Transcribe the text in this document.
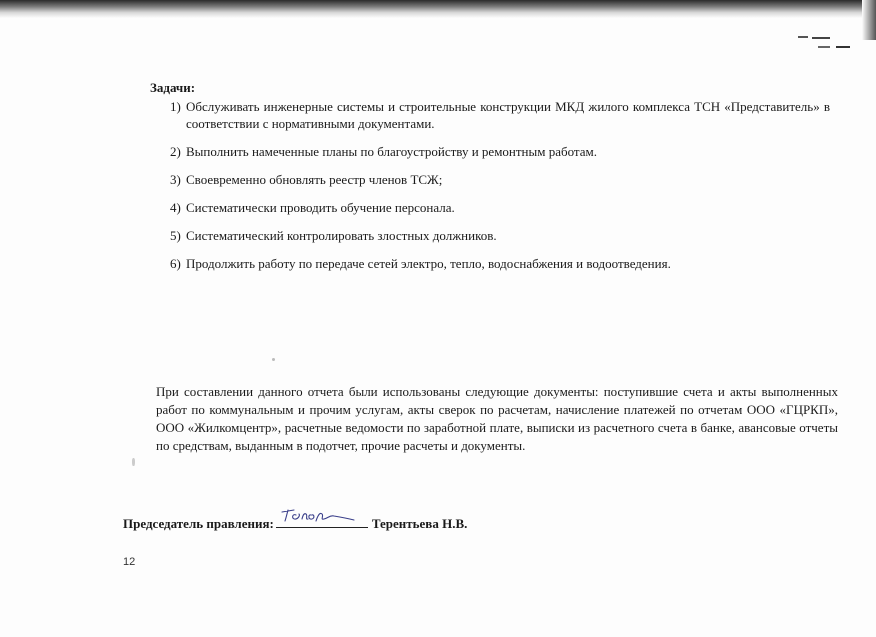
Задачи:
1) Обслуживать инженерные системы и строительные конструкции МКД жилого комплекса ТСН «Представитель» в соответствии с нормативными документами.
2) Выполнить намеченные планы по благоустройству и ремонтным работам.
3) Своевременно обновлять реестр членов ТСЖ;
4) Систематически проводить обучение персонала.
5) Систематический контролировать злостных должников.
6) Продолжить работу по передаче сетей электро, тепло, водоснабжения и водоотведения.

При составлении данного отчета были использованы следующие документы: поступившие счета и акты выполненных работ по коммунальным и прочим услугам, акты сверок по расчетам, начисление платежей по отчетам ООО «ГЦРКП», ООО «Жилкомцентр», расчетные ведомости по заработной плате, выписки из расчетного счета в банке, авансовые отчеты по средствам, выданным в подотчет, прочие расчеты и документы.

Председатель правления:	Терентьева Н.В.
12
